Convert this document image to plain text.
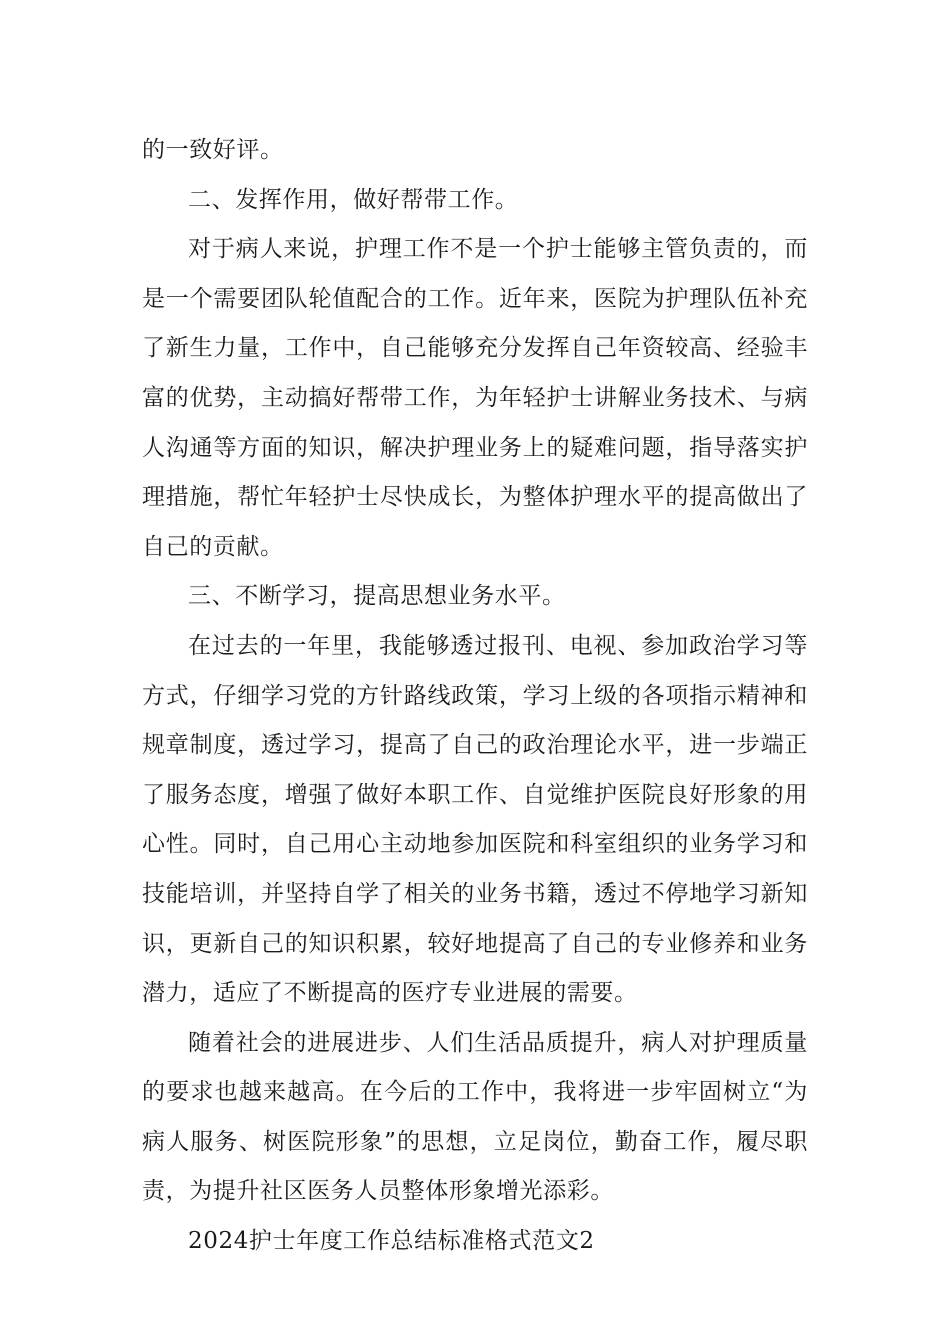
的一致好评。

二、发挥作用，做好帮带工作。

对于病人来说，护理工作不是一个护士能够主管负责的，而是一个需要团队轮值配合的工作。近年来，医院为护理队伍补充了新生力量，工作中，自己能够充分发挥自己年资较高、经验丰富的优势，主动搞好帮带工作，为年轻护士讲解业务技术、与病人沟通等方面的知识，解决护理业务上的疑难问题，指导落实护理措施，帮忙年轻护士尽快成长，为整体护理水平的提高做出了自己的贡献。

三、不断学习，提高思想业务水平。

在过去的一年里，我能够透过报刊、电视、参加政治学习等方式，仔细学习党的方针路线政策，学习上级的各项指示精神和规章制度，透过学习，提高了自己的政治理论水平，进一步端正了服务态度，增强了做好本职工作、自觉维护医院良好形象的用心性。同时，自己用心主动地参加医院和科室组织的业务学习和技能培训，并坚持自学了相关的业务书籍，透过不停地学习新知识，更新自己的知识积累，较好地提高了自己的专业修养和业务潜力，适应了不断提高的医疗专业进展的需要。

随着社会的进展进步、人们生活品质提升，病人对护理质量的要求也越来越高。在今后的工作中，我将进一步牢固树立“为病人服务、树医院形象”的思想，立足岗位，勤奋工作，履尽职责，为提升社区医务人员整体形象增光添彩。

2024护士年度工作总结标准格式范文2
